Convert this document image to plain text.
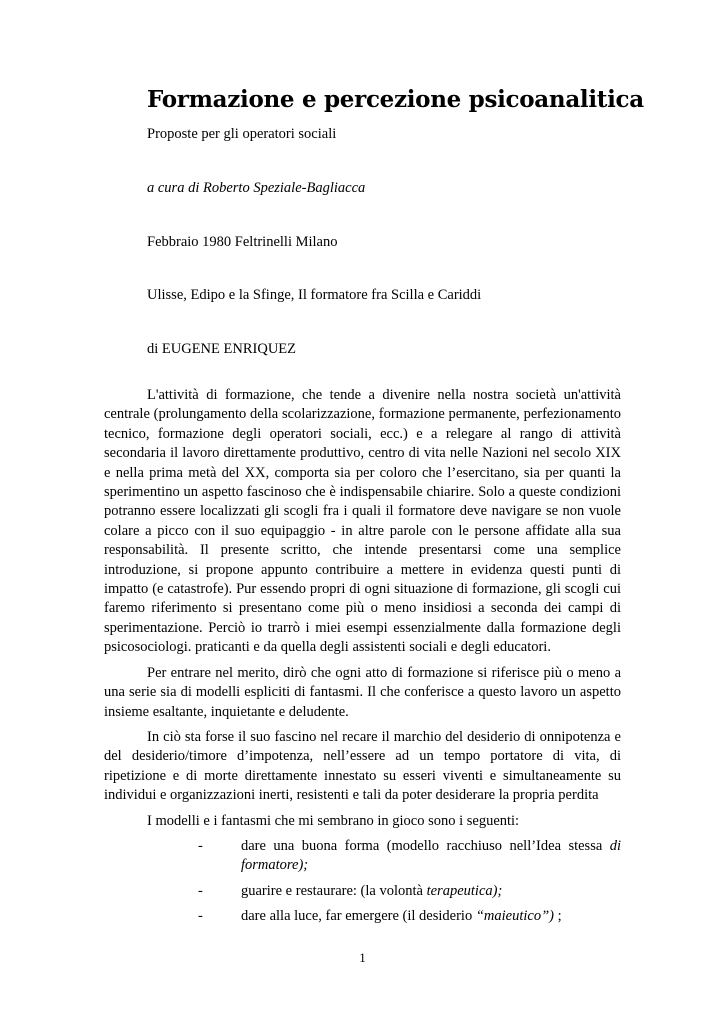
Formazione e percezione psicoanalitica

Proposte per gli operatori sociali

a cura di Roberto Speziale-Bagliacca

Febbraio 1980 Feltrinelli Milano

Ulisse, Edipo e la Sfinge, Il formatore fra Scilla e Cariddi

di EUGENE ENRIQUEZ

L'attività di formazione, che tende a divenire nella nostra società un'attività centrale (prolungamento della scolarizzazione, formazione permanente, perfezionamento tecnico, formazione degli operatori sociali, ecc.) e a relegare al rango di attività secondaria il lavoro direttamente produttivo, centro di vita nelle Nazioni nel secolo XIX e nella prima metà del XX, comporta sia per coloro che l’esercitano, sia per quanti la sperimentino un aspetto fascinoso che è indispensabile chiarire. Solo a queste condizioni potranno essere localizzati gli scogli fra i quali il formatore deve navigare se non vuole colare a picco con il suo equipaggio - in altre parole con le persone affidate alla sua responsabilità. Il presente scritto, che intende presentarsi come una semplice introduzione, si propone appunto contribuire a mettere in evidenza questi punti di impatto (e catastrofe). Pur essendo propri di ogni situazione di formazione, gli scogli cui faremo riferimento si presentano come più o meno insidiosi a seconda dei campi di sperimentazione. Perciò io trarrò i miei esempi essenzialmente dalla formazione degli psicosociologi. praticanti e da quella degli assistenti sociali e degli educatori.

Per entrare nel merito, dirò che ogni atto di formazione si riferisce più o meno a una serie sia di modelli espliciti di fantasmi. Il che conferisce a questo lavoro un aspetto insieme esaltante, inquietante e deludente.

In ciò sta forse il suo fascino nel recare il marchio del desiderio di onnipotenza e del desiderio/timore d’impotenza, nell’essere ad un tempo portatore di vita, di ripetizione e di morte direttamente innestato su esseri viventi e simultaneamente su individui e organizzazioni inerti, resistenti e tali da poter desiderare la propria perdita

I modelli e i fantasmi che mi sembrano in gioco sono i seguenti:

-	dare una buona forma (modello racchiuso nell’Idea stessa di formatore);
-	guarire e restaurare: (la volontà terapeutica);
-	dare alla luce, far emergere (il desiderio “maieutico”) ;
1
